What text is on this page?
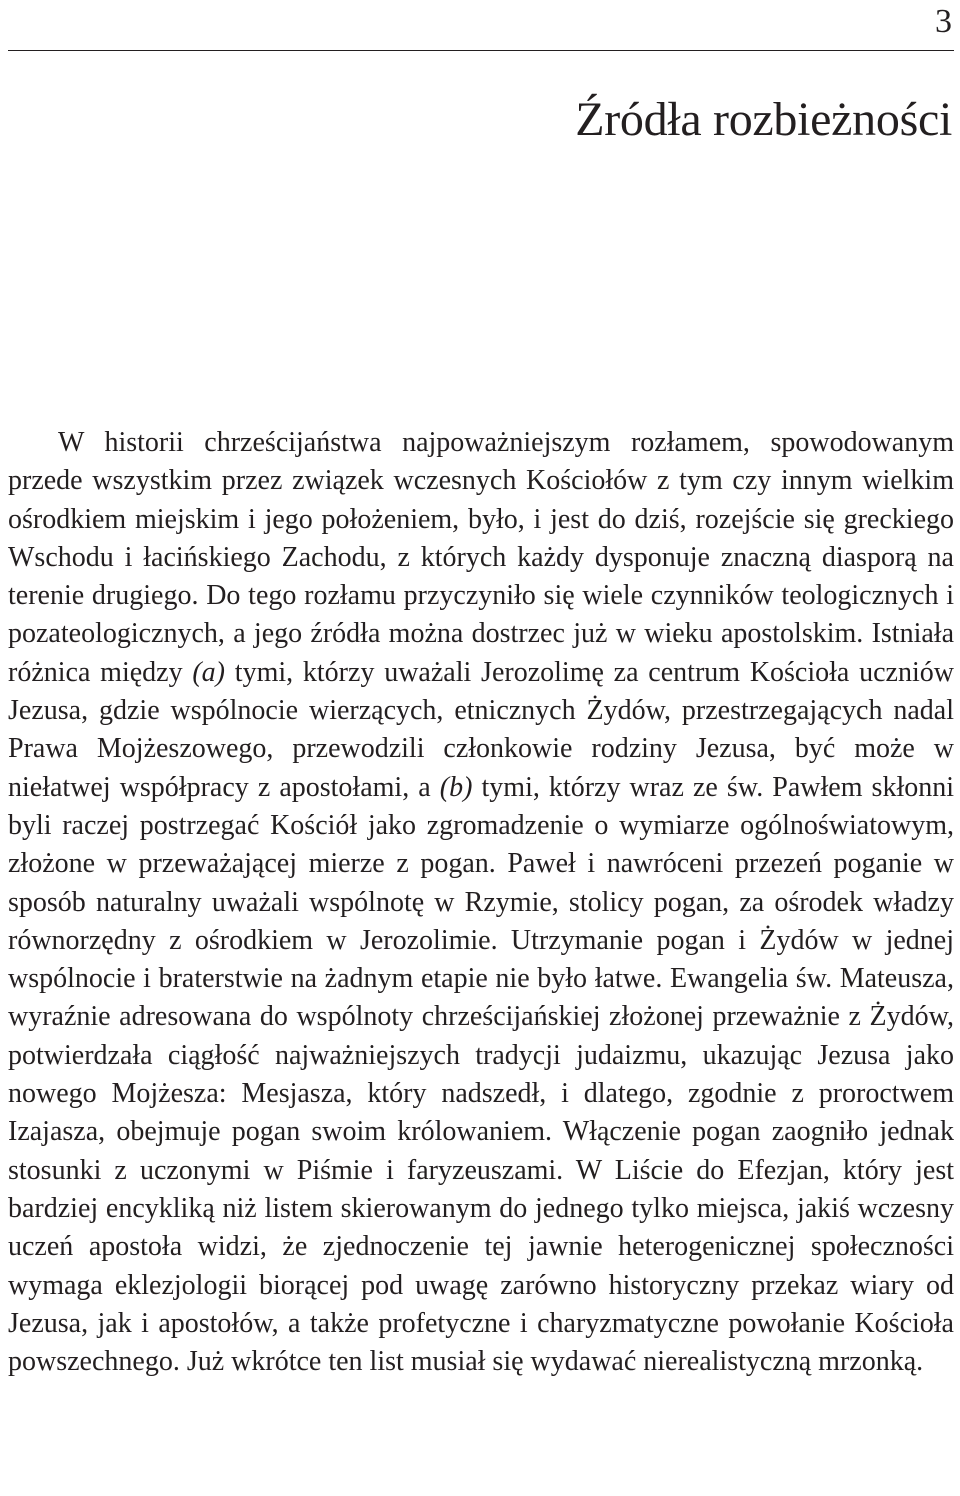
3
Źródła rozbieżności

W historii chrześcijaństwa najpoważniejszym rozłamem, spowodowanym przede wszystkim przez związek wczesnych Kościołów z tym czy innym wielkim ośrodkiem miejskim i jego położeniem, było, i jest do dziś, rozejście się greckiego Wschodu i łacińskiego Zachodu, z których każdy dysponuje znaczną diasporą na terenie drugiego. Do tego rozłamu przyczyniło się wiele czynników teologicznych i pozateologicznych, a jego źródła można dostrzec już w wieku apostolskim. Istniała różnica między (a) tymi, którzy uważali Jerozolimę za centrum Kościoła uczniów Jezusa, gdzie wspólnocie wierzących, etnicznych Żydów, przestrzegających nadal Prawa Mojżeszowego, przewodzili członkowie rodziny Jezusa, być może w niełatwej współpracy z apostołami, a (b) tymi, którzy wraz ze św. Pawłem skłonni byli raczej postrzegać Kościół jako zgromadzenie o wymiarze ogólnoświatowym, złożone w przeważającej mierze z pogan. Paweł i nawróceni przezeń poganie w sposób naturalny uważali wspólnotę w Rzymie, stolicy pogan, za ośrodek władzy równorzędny z ośrodkiem w Jerozolimie. Utrzymanie pogan i Żydów w jednej wspólnocie i braterstwie na żadnym etapie nie było łatwe. Ewangelia św. Mateusza, wyraźnie adresowana do wspólnoty chrześcijańskiej złożonej przeważnie z Żydów, potwierdzała ciągłość najważniejszych tradycji judaizmu, ukazując Jezusa jako nowego Mojżesza: Mesjasza, który nadszedł, i dlatego, zgodnie z proroctwem Izajasza, obejmuje pogan swoim królowaniem. Włączenie pogan zaogniło jednak stosunki z uczonymi w Piśmie i faryzeuszami. W Liście do Efezjan, który jest bardziej encykliką niż listem skierowanym do jednego tylko miejsca, jakiś wczesny uczeń apostoła widzi, że zjednoczenie tej jawnie heterogenicznej społeczności wymaga eklezjologii biorącej pod uwagę zarówno historyczny przekaz wiary od Jezusa, jak i apostołów, a także profetyczne i charyzmatyczne powołanie Kościoła powszechnego. Już wkrótce ten list musiał się wydawać nierealistyczną mrzonką.
